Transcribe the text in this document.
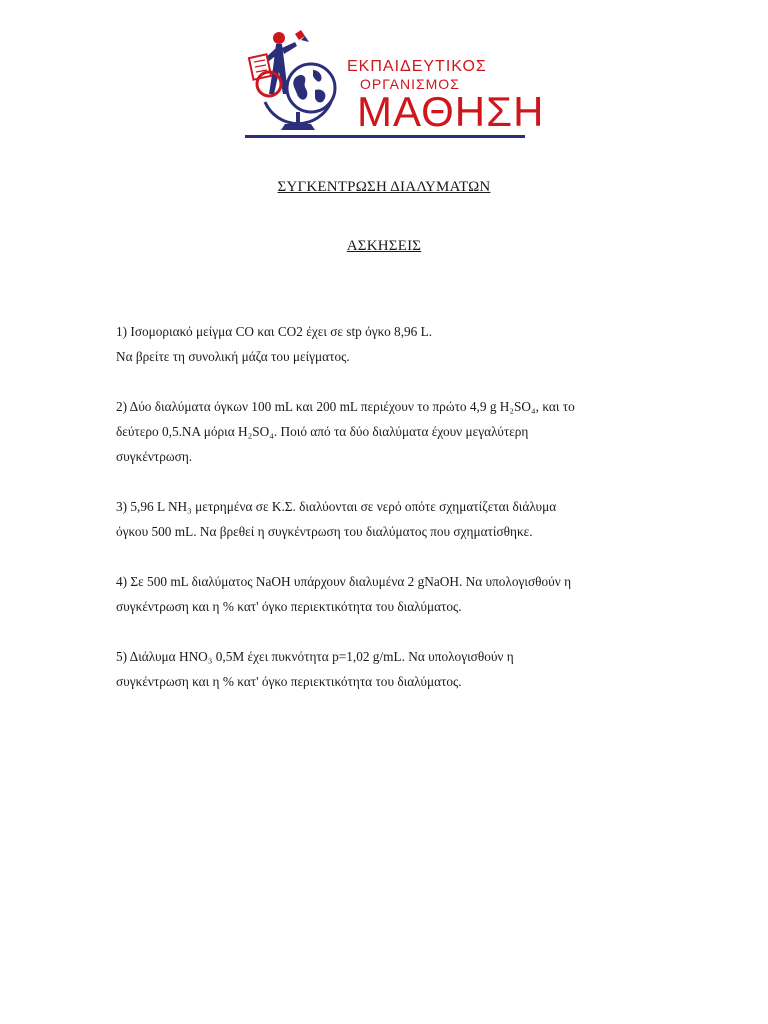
ΕΚΠΑΙΔΕΥΤΙΚΟΣ
ΟΡΓΑΝΙΣΜΟΣ
ΜΑΘΗΣΗ
ΣΥΓΚΕΝΤΡΩΣΗ ΔΙΑΛΥΜΑΤΩΝ
ΑΣΚΗΣΕΙΣ
1) Ισομοριακό μείγμα CO και CO2 έχει σε stp όγκο 8,96 L.
Να βρείτε τη συνολική μάζα του μείγματος.
2) Δύο διαλύματα όγκων 100 mL και 200 mL περιέχουν το πρώτο 4,9 g H₂SO₄, και το
δεύτερο 0,5.ΝΑ μόρια H₂SO₄. Ποιό από τα δύο διαλύματα έχουν μεγαλύτερη
συγκέντρωση.
3) 5,96 L NH₃ μετρημένα σε Κ.Σ. διαλύονται σε νερό οπότε σχηματίζεται διάλυμα
όγκου 500 mL. Να βρεθεί η συγκέντρωση του διαλύματος που σχηματίσθηκε.
4) Σε 500 mL διαλύματος NaOH υπάρχουν διαλυμένα 2 gNaOH. Να υπολογισθούν η
συγκέντρωση και η % κατ' όγκο περιεκτικότητα του διαλύματος.
5) Διάλυμα HNO₃ 0,5M έχει πυκνότητα p=1,02 g/mL. Να υπολογισθούν η
συγκέντρωση και η % κατ' όγκο περιεκτικότητα του διαλύματος.
